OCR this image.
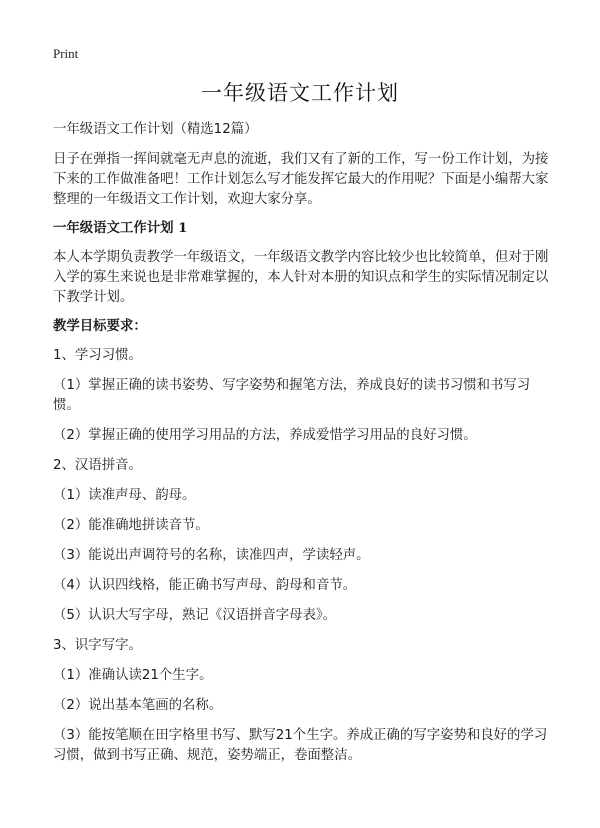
Print
一年级语文工作计划

一年级语文工作计划（精选12篇）

日子在弹指一挥间就毫无声息的流逝，我们又有了新的工作，写一份工作计划，为接下来的工作做准备吧！工作计划怎么写才能发挥它最大的作用呢？下面是小编帮大家整理的一年级语文工作计划，欢迎大家分享。

一年级语文工作计划 1

本人本学期负责教学一年级语文，一年级语文教学内容比较少也比较简单，但对于刚入学的寡生来说也是非常难掌握的，本人针对本册的知识点和学生的实际情况制定以下教学计划。

教学目标要求：

1、学习习惯。

（1）掌握正确的读书姿势、写字姿势和握笔方法，养成良好的读书习惯和书写习惯。

（2）掌握正确的使用学习用品的方法，养成爱惜学习用品的良好习惯。

2、汉语拼音。

（1）读准声母、韵母。

（2）能准确地拼读音节。

（3）能说出声调符号的名称，读准四声，学读轻声。

（4）认识四线格，能正确书写声母、韵母和音节。

（5）认识大写字母，熟记《汉语拼音字母表》。

3、识字写字。

（1）准确认读21个生字。

（2）说出基本笔画的名称。

（3）能按笔顺在田字格里书写、默写21个生字。养成正确的写字姿势和良好的学习习惯，做到书写正确、规范，姿势端正，卷面整洁。
